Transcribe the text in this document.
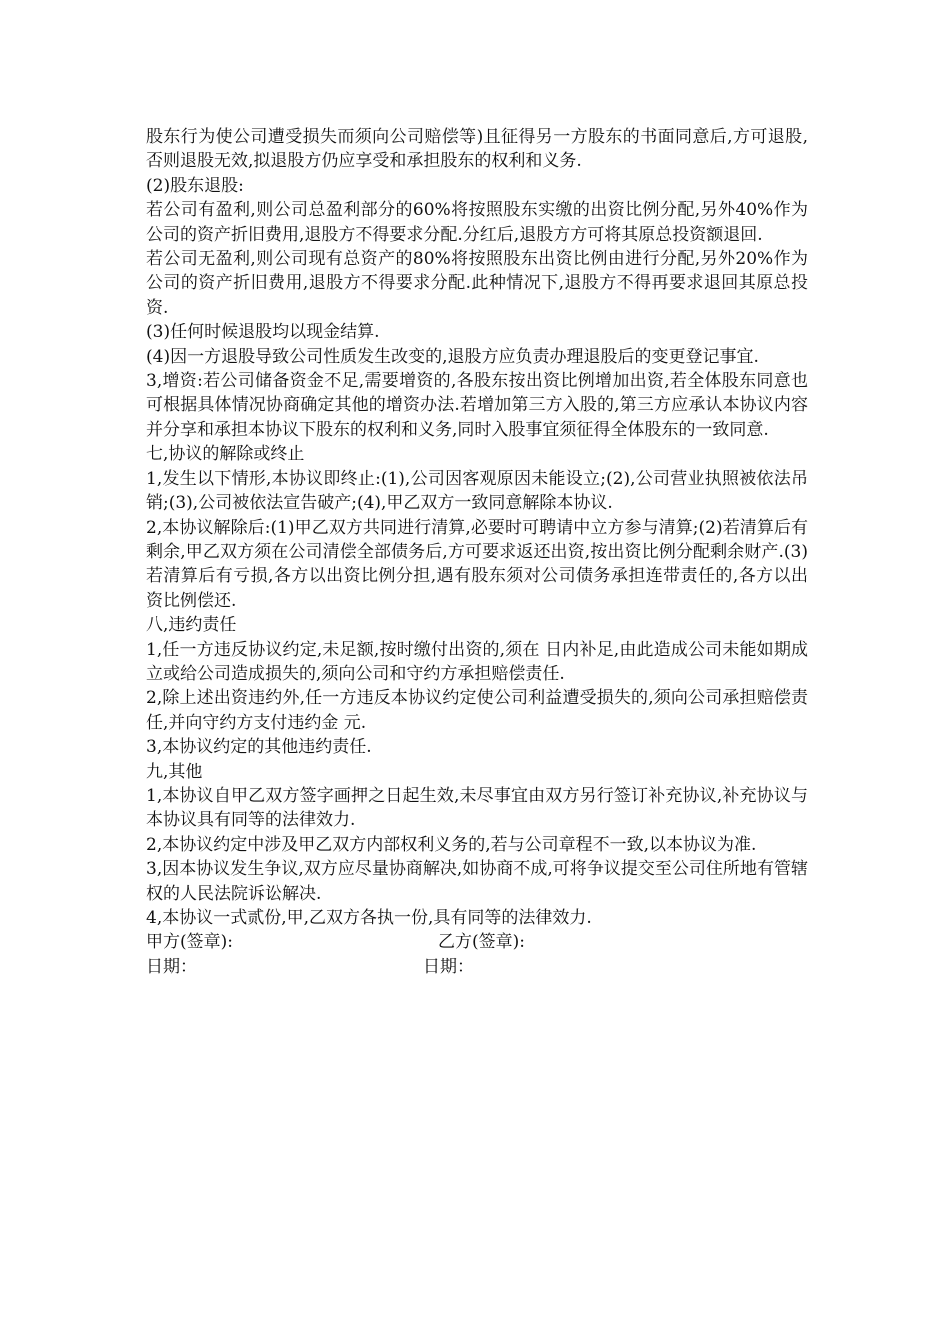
股东行为使公司遭受损失而须向公司赔偿等)且征得另一方股东的书面同意后,方可退股,否则退股无效,拟退股方仍应享受和承担股东的权利和义务.

(2)股东退股:

若公司有盈利,则公司总盈利部分的60%将按照股东实缴的出资比例分配,另外40%作为公司的资产折旧费用,退股方不得要求分配.分红后,退股方方可将其原总投资额退回.

若公司无盈利,则公司现有总资产的80%将按照股东出资比例由进行分配,另外20%作为公司的资产折旧费用,退股方不得要求分配.此种情况下,退股方不得再要求退回其原总投资.

(3)任何时候退股均以现金结算.

(4)因一方退股导致公司性质发生改变的,退股方应负责办理退股后的变更登记事宜.

3,增资:若公司储备资金不足,需要增资的,各股东按出资比例增加出资,若全体股东同意也可根据具体情况协商确定其他的增资办法.若增加第三方入股的,第三方应承认本协议内容并分享和承担本协议下股东的权利和义务,同时入股事宜须征得全体股东的一致同意.

七,协议的解除或终止

1,发生以下情形,本协议即终止:(1),公司因客观原因未能设立;(2),公司营业执照被依法吊销;(3),公司被依法宣告破产;(4),甲乙双方一致同意解除本协议.

2,本协议解除后:(1)甲乙双方共同进行清算,必要时可聘请中立方参与清算;(2)若清算后有剩余,甲乙双方须在公司清偿全部债务后,方可要求返还出资,按出资比例分配剩余财产.(3)若清算后有亏损,各方以出资比例分担,遇有股东须对公司债务承担连带责任的,各方以出资比例偿还.

八,违约责任

1,任一方违反协议约定,未足额,按时缴付出资的,须在 日内补足,由此造成公司未能如期成立或给公司造成损失的,须向公司和守约方承担赔偿责任.

2,除上述出资违约外,任一方违反本协议约定使公司利益遭受损失的,须向公司承担赔偿责任,并向守约方支付违约金 元.

3,本协议约定的其他违约责任.

九,其他

1,本协议自甲乙双方签字画押之日起生效,未尽事宜由双方另行签订补充协议,补充协议与本协议具有同等的法律效力.

2,本协议约定中涉及甲乙双方内部权利义务的,若与公司章程不一致,以本协议为准.

3,因本协议发生争议,双方应尽量协商解决,如协商不成,可将争议提交至公司住所地有管辖权的人民法院诉讼解决.

4,本协议一式贰份,甲,乙双方各执一份,具有同等的法律效力.

甲方(签章):	乙方(签章):
日期：	日期：
